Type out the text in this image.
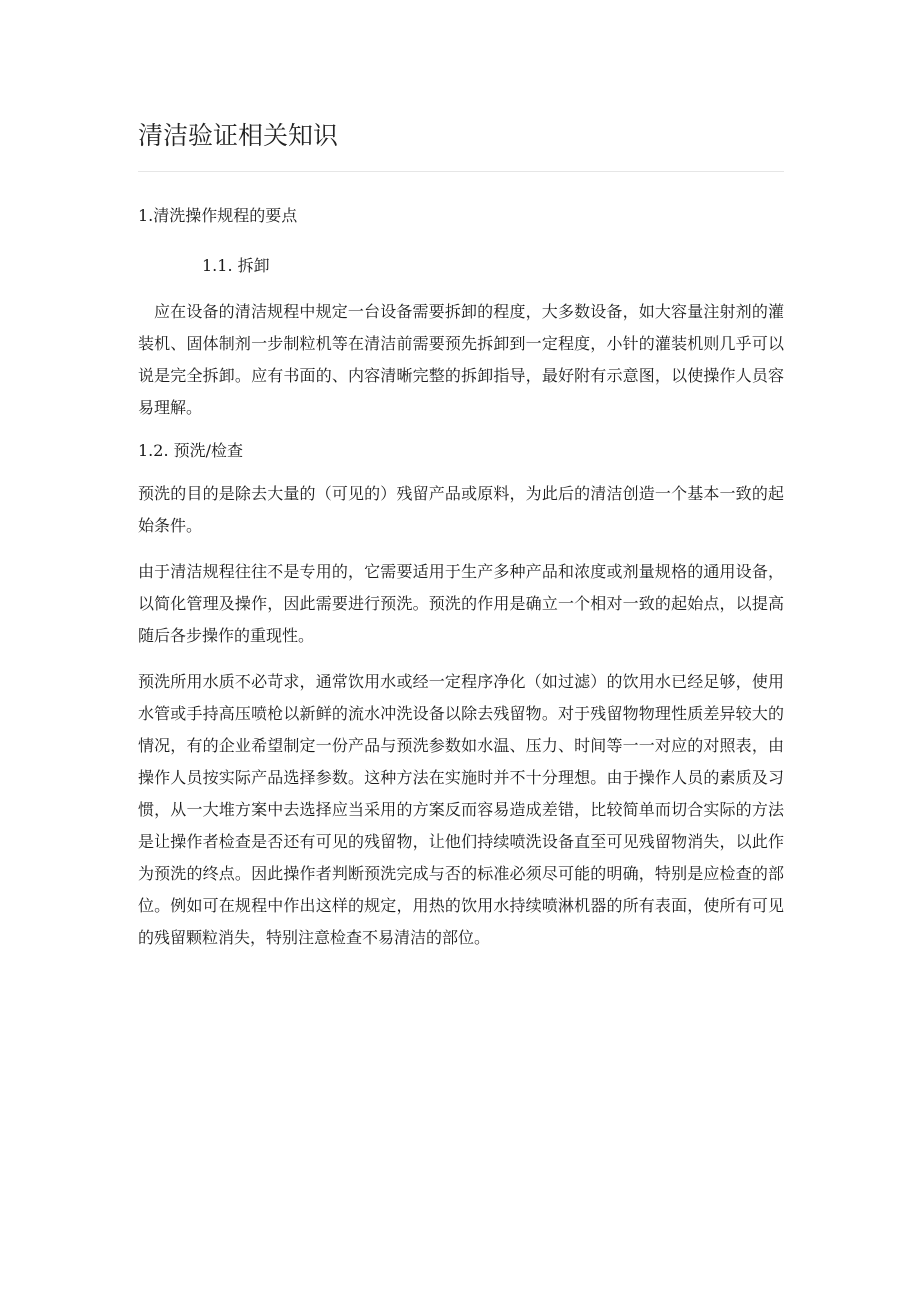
清洁验证相关知识

1.清洗操作规程的要点

1.1. 拆卸

应在设备的清洁规程中规定一台设备需要拆卸的程度，大多数设备，如大容量注射剂的灌装机、固体制剂一步制粒机等在清洁前需要预先拆卸到一定程度，小针的灌装机则几乎可以说是完全拆卸。应有书面的、内容清晰完整的拆卸指导，最好附有示意图，以使操作人员容易理解。

1.2. 预洗/检查

预洗的目的是除去大量的（可见的）残留产品或原料，为此后的清洁创造一个基本一致的起始条件。

由于清洁规程往往不是专用的，它需要适用于生产多种产品和浓度或剂量规格的通用设备，以简化管理及操作，因此需要进行预洗。预洗的作用是确立一个相对一致的起始点，以提高随后各步操作的重现性。

预洗所用水质不必苛求，通常饮用水或经一定程序净化（如过滤）的饮用水已经足够，使用水管或手持高压喷枪以新鲜的流水冲洗设备以除去残留物。对于残留物物理性质差异较大的情况，有的企业希望制定一份产品与预洗参数如水温、压力、时间等一一对应的对照表，由操作人员按实际产品选择参数。这种方法在实施时并不十分理想。由于操作人员的素质及习惯，从一大堆方案中去选择应当采用的方案反而容易造成差错，比较简单而切合实际的方法是让操作者检查是否还有可见的残留物，让他们持续喷洗设备直至可见残留物消失，以此作为预洗的终点。因此操作者判断预洗完成与否的标准必须尽可能的明确，特别是应检查的部位。例如可在规程中作出这样的规定，用热的饮用水持续喷淋机器的所有表面，使所有可见的残留颗粒消失，特别注意检查不易清洁的部位。
